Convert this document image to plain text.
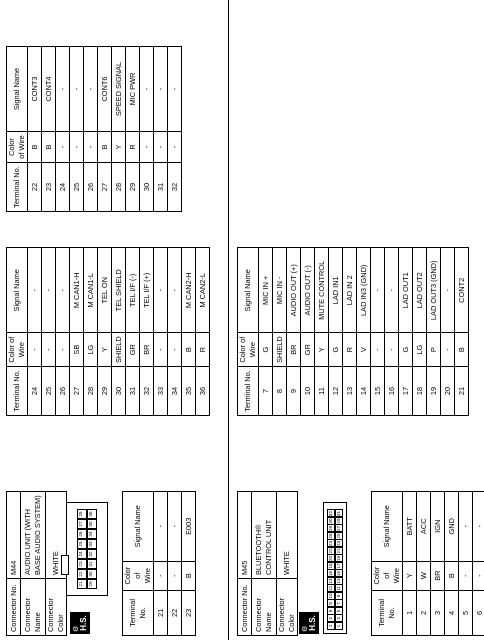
Connector No.	M44
Connector Name	AUDIO UNIT (WITH BASE AUDIO SYSTEM)
Connector Color	WHITE
⚙ H.S.
21
22
23
24
25
26
27
28
29
30
31
32
33
34
35
36
Terminal No.	Color of Wire	Signal Name
21	-	-
22	-	-
23	B	E003
Terminal No.	Color of Wire	Signal Name
24	-	-
25	-	-
26	-	-
27	SB	M CAN1-H
28	LG	M CAN1-L
29	Y	TEL ON
30	SHIELD	TEL SHIELD
31	GR	TEL I/F (-)
32	BR	TEL I/F (+)
33	-	-
34	-	-
35	B	M CAN2-H
36	R	M CAN2-L
Terminal No.	Color of Wire	Signal Name
22	B	CONT3
23	B	CONT4
24	-	-
25	-	-
26	-	-
27	B	CONT6
28	Y	SPEED SIGNAL
29	R	MIC PWR
30	-	-
31	-	-
32	-	-
Connector No.	M45
Connector Name	BLUETOOTH® CONTROL UNIT
Connector Color	WHITE
⚙ H.S. 2
4
6
8
10
12
14
16
18
20
22
24
26
28
30
32
1
3
5
7
9
11
13
15
17
19
21
23
25
27
29
31
Terminal No.	Color of Wire	Signal Name
1	Y	BATT
2	W	ACC
3	BR	IGN
4	B	GND
5	-	-
6	-	-
Terminal No.	Color of Wire	Signal Name
7	G	MIC IN +
8	SHIELD	MIC IN -
9	BR	AUDIO OUT (+)
10	GR	AUDIO OUT (-)
11	Y	MUTE CONTROL
12	G	LAD IN1
13	R	LAD IN 2
14	V	LAD IN3 (GND)
15	-	-
16	-	-
17	G	LAD OUT1
18	LG	LAD OUT2
19	P	LAD OUT3 (GND)
20	-	-
21	B	CONT2
